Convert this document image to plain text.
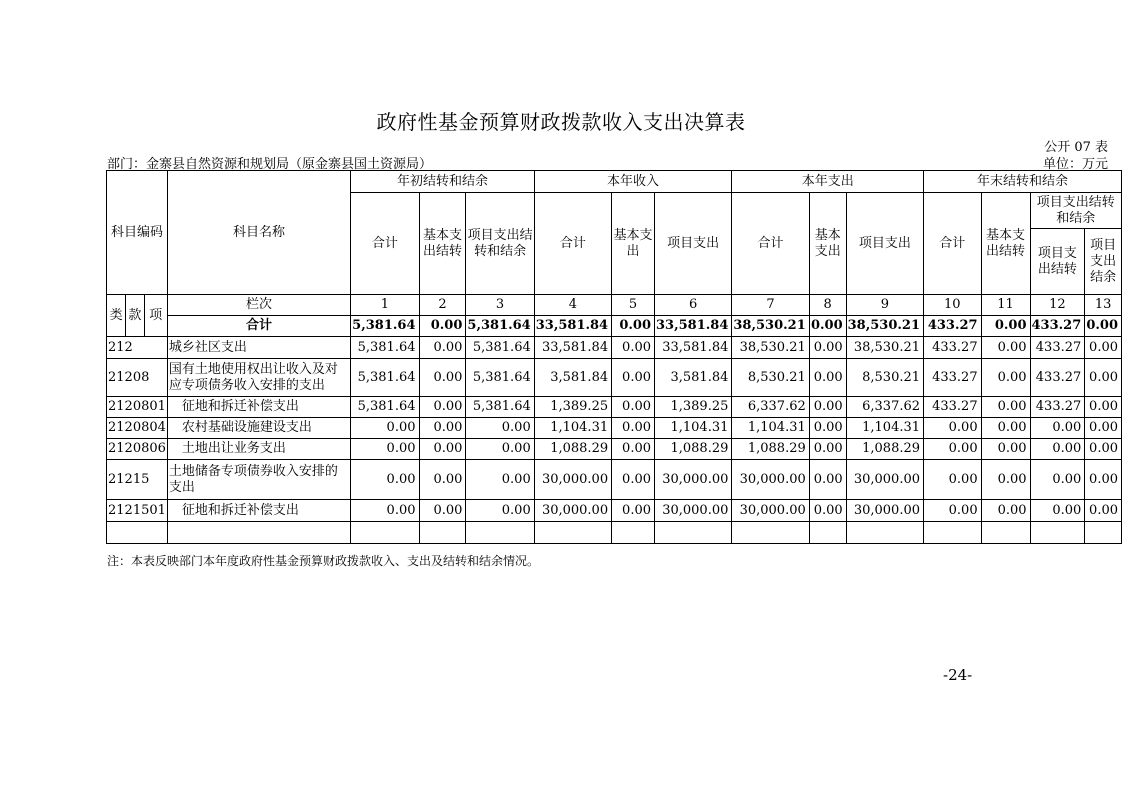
政府性基金预算财政拨款收入支出决算表
公开 07 表
部门：金寨县自然资源和规划局（原金寨县国土资源局）	单位：万元
科目编码			科目名称	年初结转和结余			本年收入			本年支出			年末结转和结余			
				合计	基本支出结转	项目支出结转和结余	合计	基本支出	项目支出	合计	基本支出	项目支出	合计	基本支出结转	项目支出结转和结余	
															项目支出结转	项目支出结余
类	款	项	栏次	1	2	3	4	5	6	7	8	9	10	11	12	13
			合计	5,381.64	0.00	5,381.64	33,581.84	0.00	33,581.84	38,530.21	0.00	38,530.21	433.27	0.00	433.27	0.00
212			城乡社区支出	5,381.64	0.00	5,381.64	33,581.84	0.00	33,581.84	38,530.21	0.00	38,530.21	433.27	0.00	433.27	0.00
21208			国有土地使用权出让收入及对应专项债务收入安排的支出	5,381.64	0.00	5,381.64	3,581.84	0.00	3,581.84	8,530.21	0.00	8,530.21	433.27	0.00	433.27	0.00
2120801			征地和拆迁补偿支出	5,381.64	0.00	5,381.64	1,389.25	0.00	1,389.25	6,337.62	0.00	6,337.62	433.27	0.00	433.27	0.00
2120804			农村基础设施建设支出	0.00	0.00	0.00	1,104.31	0.00	1,104.31	1,104.31	0.00	1,104.31	0.00	0.00	0.00	0.00
2120806			土地出让业务支出	0.00	0.00	0.00	1,088.29	0.00	1,088.29	1,088.29	0.00	1,088.29	0.00	0.00	0.00	0.00
21215			土地储备专项债券收入安排的支出	0.00	0.00	0.00	30,000.00	0.00	30,000.00	30,000.00	0.00	30,000.00	0.00	0.00	0.00	0.00
2121501			征地和拆迁补偿支出	0.00	0.00	0.00	30,000.00	0.00	30,000.00	30,000.00	0.00	30,000.00	0.00	0.00	0.00	0.00

注：本表反映部门本年度政府性基金预算财政拨款收入、支出及结转和结余情况。
-24-
